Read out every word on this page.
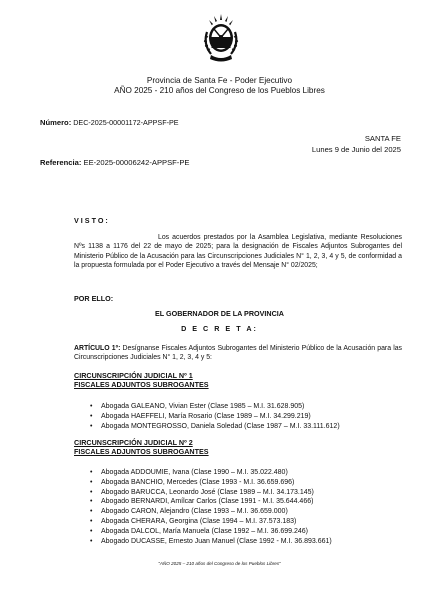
Provincia de Santa Fe - Poder Ejecutivo
AÑO 2025 - 210 años del Congreso de los Pueblos Libres
Número: DEC-2025-00001172-APPSF-PE
SANTA FE
Lunes 9 de Junio del 2025
Referencia: EE-2025-00006242-APPSF-PE
VISTO:
Los acuerdos prestados por la Asamblea Legislativa, mediante Resoluciones Nºs 1138 a 1176 del 22 de mayo de 2025; para la designación de Fiscales Adjuntos Subrogantes del Ministerio Público de la Acusación para las Circunscripciones Judiciales N° 1, 2, 3, 4 y 5, de conformidad a la propuesta formulada por el Poder Ejecutivo a través del Mensaje N° 02/2025;
POR ELLO:
EL GOBERNADOR DE LA PROVINCIA
D E C R E T A:
ARTÍCULO 1º: Desígnanse Fiscales Adjuntos Subrogantes del Ministerio Público de la Acusación para las Circunscripciones Judiciales N° 1, 2, 3, 4 y 5:
CIRCUNSCRIPCIÓN JUDICIAL Nº 1
FISCALES ADJUNTOS SUBROGANTES
• Abogada GALEANO, Vivian Ester (Clase 1985 – M.I. 31.628.905)
• Abogada HAEFFELI, María Rosario (Clase 1989 – M.I. 34.299.219)
• Abogada MONTEGROSSO, Daniela Soledad (Clase 1987 – M.I. 33.111.612)
CIRCUNSCRIPCIÓN JUDICIAL Nº 2
FISCALES ADJUNTOS SUBROGANTES
• Abogada ADDOUMIE, Ivana (Clase 1990 – M.I. 35.022.480)
• Abogada BANCHIO, Mercedes (Clase 1993 - M.I. 36.659.696)
• Abogado BARUCCA, Leonardo José (Clase 1989 – M.I. 34.173.145)
• Abogado BERNARDI, Amílcar Carlos (Clase 1991 - M.I. 35.644.466)
• Abogado CARON, Alejandro (Clase 1993 – M.I. 36.659.000)
• Abogada CHERARA, Georgina (Clase 1994 – M.I. 37.573.183)
• Abogada DALCOL, María Manuela (Clase 1992 – M.I. 36.699.246)
• Abogado DUCASSE, Ernesto Juan Manuel (Clase 1992 - M.I. 36.893.661)
"AÑO 2025 – 210 años del Congreso de los Pueblos Libres"
